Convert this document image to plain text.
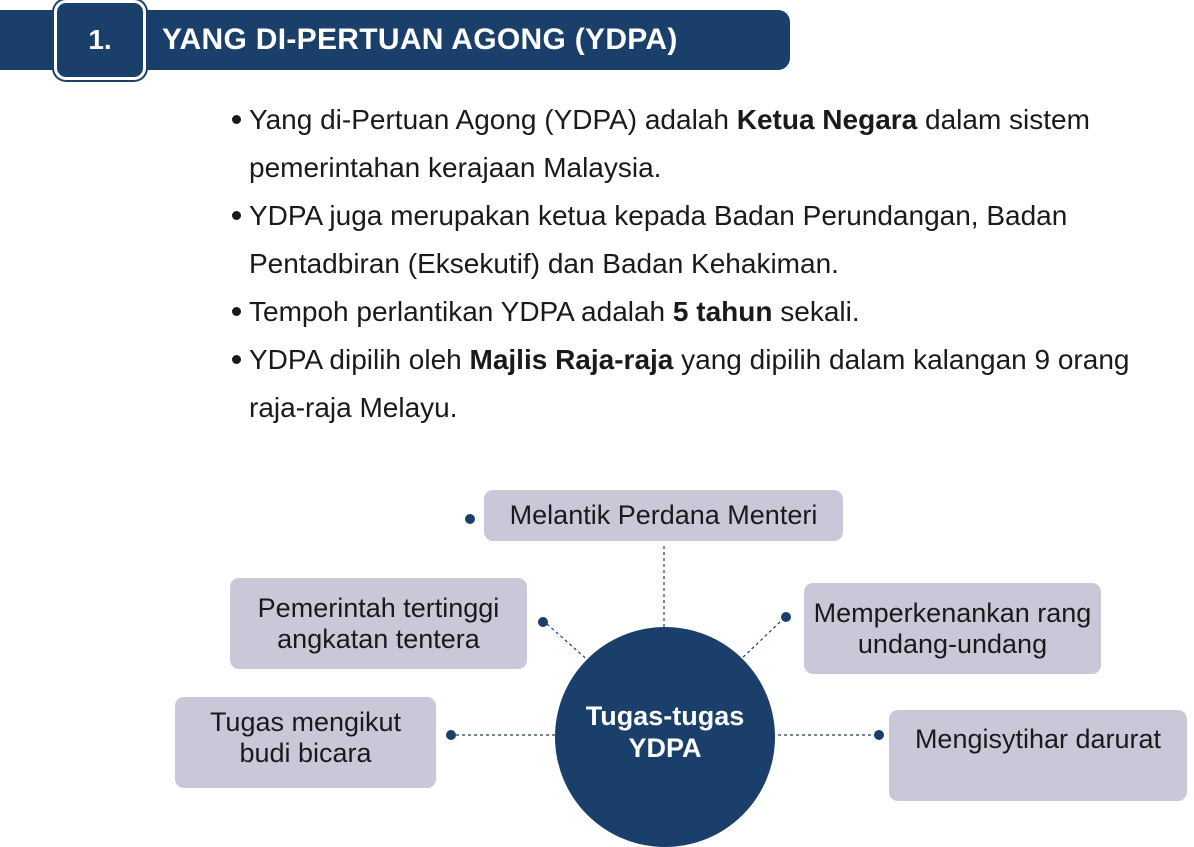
1.	YANG DI-PERTUAN AGONG (YDPA)
Yang di-Pertuan Agong (YDPA) adalah Ketua Negara dalam sistem pemerintahan kerajaan Malaysia.
YDPA juga merupakan ketua kepada Badan Perundangan, Badan Pentadbiran (Eksekutif) dan Badan Kehakiman.
Tempoh perlantikan YDPA adalah 5 tahun sekali.
YDPA dipilih oleh Majlis Raja-raja yang dipilih dalam kalangan 9 orang raja-raja Melayu.
Tugas-tugas YDPA
Melantik Perdana Menteri
Pemerintah tertinggi angkatan tentera
Memperkenankan rang undang-undang
Tugas mengikut budi bicara	Mengisytihar darurat
